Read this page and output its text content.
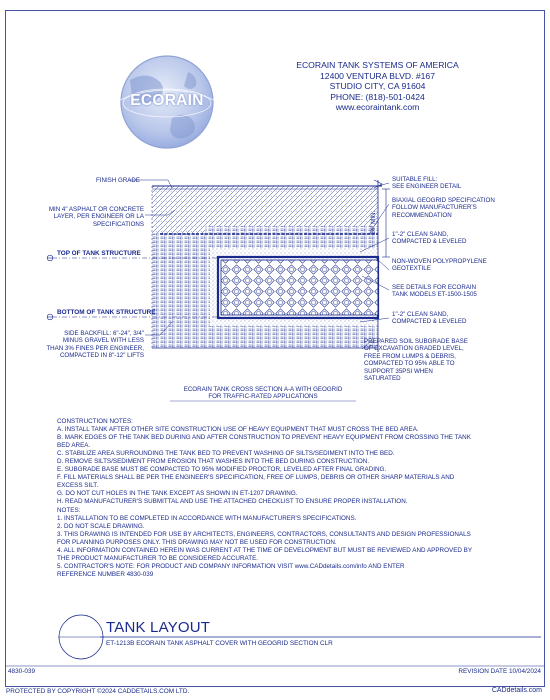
ECORAIN
ECORAIN TANK SYSTEMS OF AMERICA
12400 VENTURA BLVD. #167
STUDIO CITY, CA 91604
PHONE: (818)-501-0424
www.ecoraintank.com
FINISH GRADE
MIN 4" ASPHALT OR CONCRETE
LAYER, PER ENGINEER OR LA
SPECIFICATIONS
TOP OF TANK STRUCTURE
BOTTOM OF TANK STRUCTURE
SIDE BACKFILL: 6"-24", 3/4"
MINUS GRAVEL WITH LESS
THAN 3% FINES PER ENGINEER,
COMPACTED IN 8"-12" LIFTS
24" MIN.
SUITABLE FILL:
SEE ENGINEER DETAIL
BIAXIAL GEOGRID SPECIFICATION
FOLLOW MANUFACTURER'S
RECOMMENDATION
1"-2" CLEAN SAND,
COMPACTED & LEVELED
NON-WOVEN POLYPROPYLENE
GEOTEXTILE
SEE DETAILS FOR ECORAIN
TANK MODELS ET-1500-1505
1"-2" CLEAN SAND,
COMPACTED & LEVELED
PREPARED SOIL SUBGRADE BASE
OF EXCAVATION GRADED LEVEL,
FREE FROM LUMPS & DEBRIS,
COMPACTED TO 95% ABLE TO
SUPPORT 35PSI WHEN
SATURATED
ECORAIN TANK CROSS SECTION A-A WITH GEOGRID
FOR TRAFFIC-RATED APPLICATIONS
CONSTRUCTION NOTES:
A. INSTALL TANK AFTER OTHER SITE CONSTRUCTION USE OF HEAVY EQUIPMENT THAT MUST CROSS THE BED AREA.
B. MARK EDGES OF THE TANK BED DURING AND AFTER CONSTRUCTION TO PREVENT HEAVY EQUIPMENT FROM CROSSING THE TANK
BED AREA.
C. STABILIZE AREA SURROUNDING THE TANK BED TO PREVENT WASHING OF SILTS/SEDIMENT INTO THE BED.
D. REMOVE SILTS/SEDIMENT FROM EROSION THAT WASHES INTO THE BED DURING CONSTRUCTION.
E. SUBGRADE BASE MUST BE COMPACTED TO 95% MODIFIED PROCTOR, LEVELED AFTER FINAL GRADING.
F. FILL MATERIALS SHALL BE PER THE ENGINEER'S SPECIFICATION, FREE OF LUMPS, DEBRIS OR OTHER SHARP MATERIALS AND
EXCESS SILT.
G. DO NOT CUT HOLES IN THE TANK EXCEPT AS SHOWN IN ET-1207 DRAWING.
H. READ MANUFACTURER'S SUBMITTAL AND USE THE ATTACHED CHECKLIST TO ENSURE PROPER INSTALLATION.
NOTES:
1. INSTALLATION TO BE COMPLETED IN ACCORDANCE WITH MANUFACTURER'S SPECIFICATIONS.
2. DO NOT SCALE DRAWING.
3. THIS DRAWING IS INTENDED FOR USE BY ARCHITECTS, ENGINEERS, CONTRACTORS, CONSULTANTS AND DESIGN PROFESSIONALS
FOR PLANNING PURPOSES ONLY. THIS DRAWING MAY NOT BE USED FOR CONSTRUCTION.
4. ALL INFORMATION CONTAINED HEREIN WAS CURRENT AT THE TIME OF DEVELOPMENT BUT MUST BE REVIEWED AND APPROVED BY
THE PRODUCT MANUFACTURER TO BE CONSIDERED ACCURATE.
5. CONTRACTOR'S NOTE: FOR PRODUCT AND COMPANY INFORMATION VISIT www.CADdetails.com/info AND ENTER
REFERENCE NUMBER 4830-039
TANK LAYOUT
ET-1213B ECORAIN TANK ASPHALT COVER WITH GEOGRID SECTION CLR
4830-039	REVISION DATE 10/04/2024
PROTECTED BY COPYRIGHT ©2024 CADDETAILS.COM LTD.	CADdetails.com
